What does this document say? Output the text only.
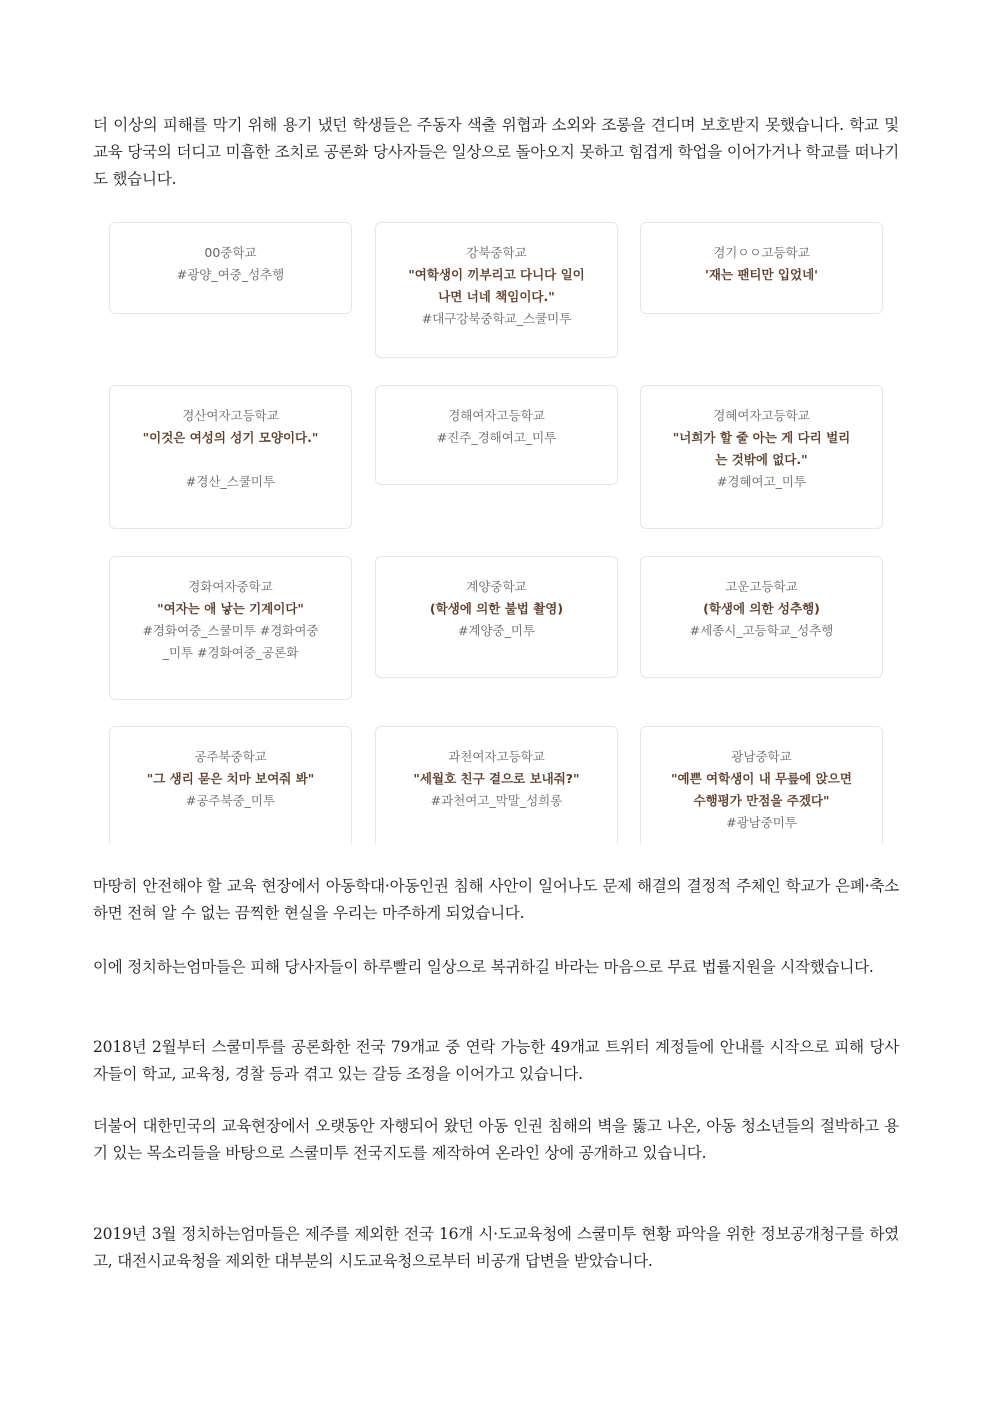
더 이상의 피해를 막기 위해 용기 냈던 학생들은 주동자 색출 위협과 소외와 조롱을 견디며 보호받지 못했습니다. 학교 및 교육 당국의 더디고 미흡한 조치로 공론화 당사자들은 일상으로 돌아오지 못하고 힘겹게 학업을 이어가거나 학교를 떠나기도 했습니다.

00중학교
#광양_여중_성추행
강북중학교
"여학생이 끼부리고 다니다 일이 나면 너네 책임이다."
#대구강북중학교_스쿨미투
경기ㅇㅇ고등학교
'재는 팬티만 입었네'
경산여자고등학교
"이것은 여성의 성기 모양이다."
#경산_스쿨미투
경해여자고등학교
#진주_경해여고_미투
경혜여자고등학교
"너희가 할 줄 아는 게 다리 벌리는 것밖에 없다."
#경혜여고_미투
경화여자중학교
"여자는 애 낳는 기계이다"
#경화여중_스쿨미투 #경화여중_미투 #경화여중_공론화
계양중학교
(학생에 의한 불법 촬영)
#계양중_미투
고운고등학교
(학생에 의한 성추행)
#세종시_고등학교_성추행
공주북중학교
"그 생리 묻은 치마 보여줘 봐"
#공주북중_미투
과천여자고등학교
"세월호 친구 곁으로 보내줘?"
#과천여고_막말_성희롱
광남중학교
"예쁜 여학생이 내 무릎에 앉으면 수행평가 만점을 주겠다"
#광남중미투

마땅히 안전해야 할 교육 현장에서 아동학대·아동인권 침해 사안이 일어나도 문제 해결의 결정적 주체인 학교가 은폐·축소하면 전혀 알 수 없는 끔찍한 현실을 우리는 마주하게 되었습니다.

이에 정치하는엄마들은 피해 당사자들이 하루빨리 일상으로 복귀하길 바라는 마음으로 무료 법률지원을 시작했습니다.

2018년 2월부터 스쿨미투를 공론화한 전국 79개교 중 연락 가능한 49개교 트위터 계정들에 안내를 시작으로 피해 당사자들이 학교, 교육청, 경찰 등과 겪고 있는 갈등 조정을 이어가고 있습니다.

더불어 대한민국의 교육현장에서 오랫동안 자행되어 왔던 아동 인권 침해의 벽을 뚫고 나온, 아동 청소년들의 절박하고 용기 있는 목소리들을 바탕으로 스쿨미투 전국지도를 제작하여 온라인 상에 공개하고 있습니다.

2019년 3월 정치하는엄마들은 제주를 제외한 전국 16개 시·도교육청에 스쿨미투 현황 파악을 위한 정보공개청구를 하였고, 대전시교육청을 제외한 대부분의 시도교육청으로부터 비공개 답변을 받았습니다.
